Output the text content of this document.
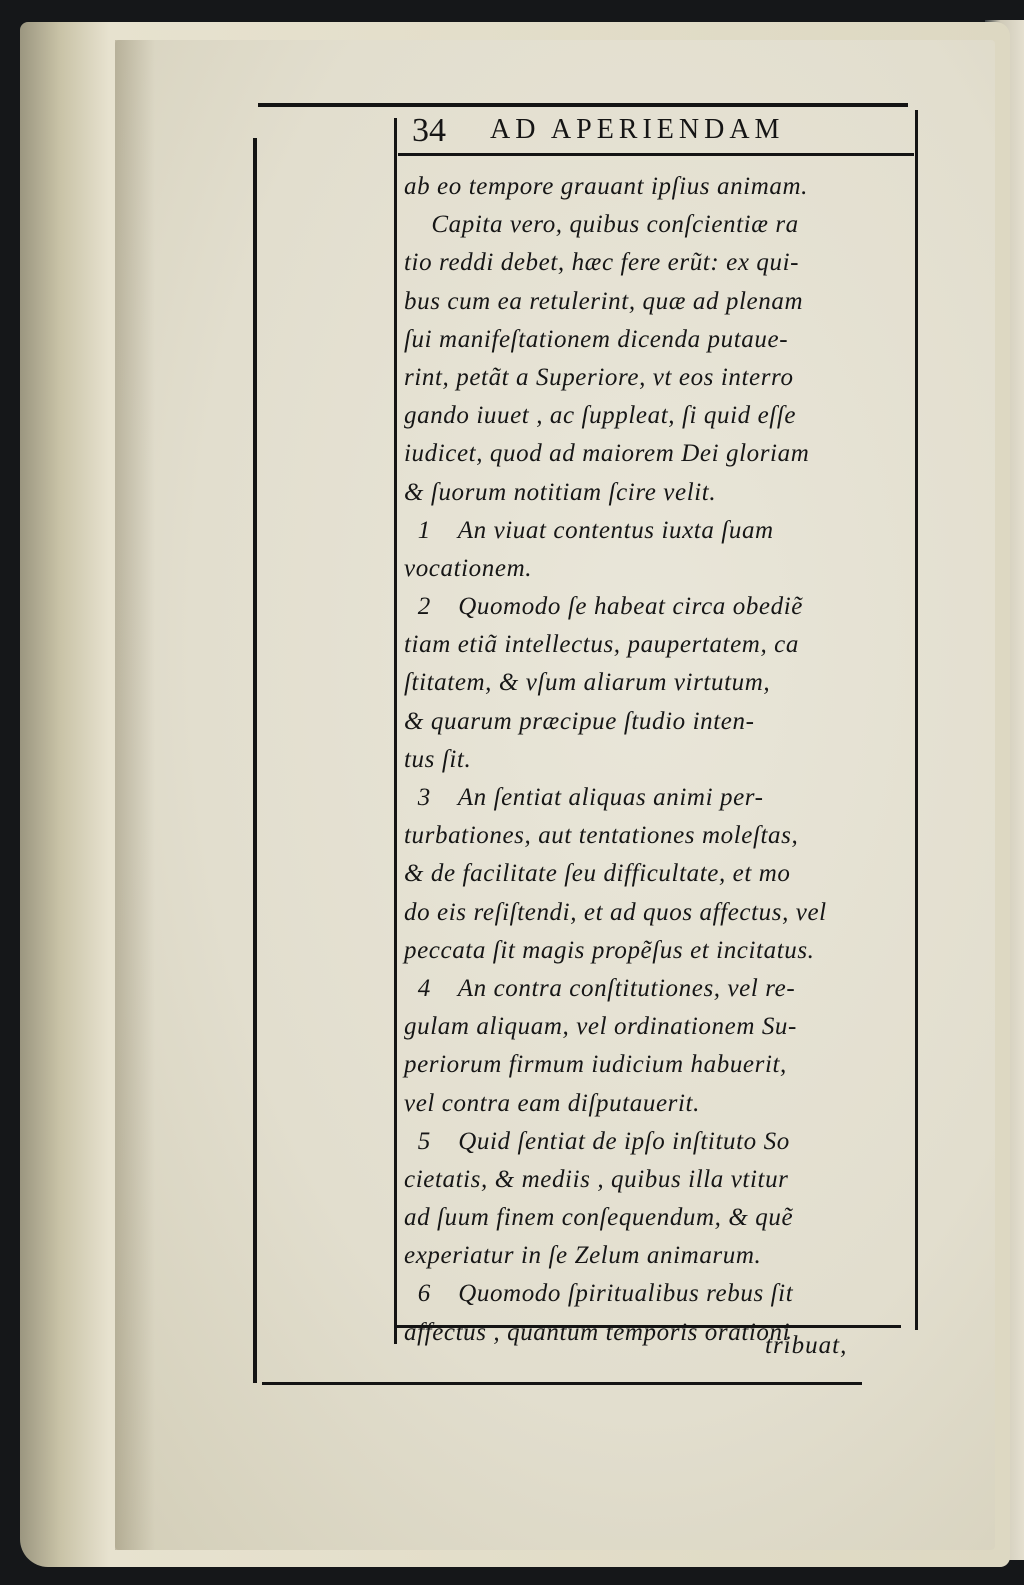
34 AD APERIENDAM
ab eo tempore grauant ipſius animam.
Capita vero, quibus conſcientiæ ra
tio reddi debet, hæc fere erũt: ex qui-
bus cum ea retulerint, quæ ad plenam
ſui manifeſtationem dicenda putaue-
rint, petãt a Superiore, vt eos interro
gando iuuet , ac ſuppleat, ſi quid eſſe
iudicet, quod ad maiorem Dei gloriam
& ſuorum notitiam ſcire velit.
1    An viuat contentus iuxta ſuam
vocationem.
2    Quomodo ſe habeat circa obediẽ
tiam etiã intellectus, paupertatem, ca
ſtitatem, & vſum aliarum virtutum,
& quarum præcipue ſtudio inten-
tus ſit.
3    An ſentiat aliquas animi per-
turbationes, aut tentationes moleſtas,
& de facilitate ſeu difficultate, et mo
do eis reſiſtendi, et ad quos affectus, vel
peccata ſit magis propẽſus et incitatus.
4    An contra conſtitutiones, vel re-
gulam aliquam, vel ordinationem Su-
periorum firmum iudicium habuerit,
vel contra eam diſputauerit.
5    Quid ſentiat de ipſo inſtituto So
cietatis, & mediis , quibus illa vtitur
ad ſuum finem conſequendum, & quẽ
experiatur in ſe Zelum animarum.
6    Quomodo ſpiritualibus rebus ſit
affectus , quantum temporis orationi
tribuat,
